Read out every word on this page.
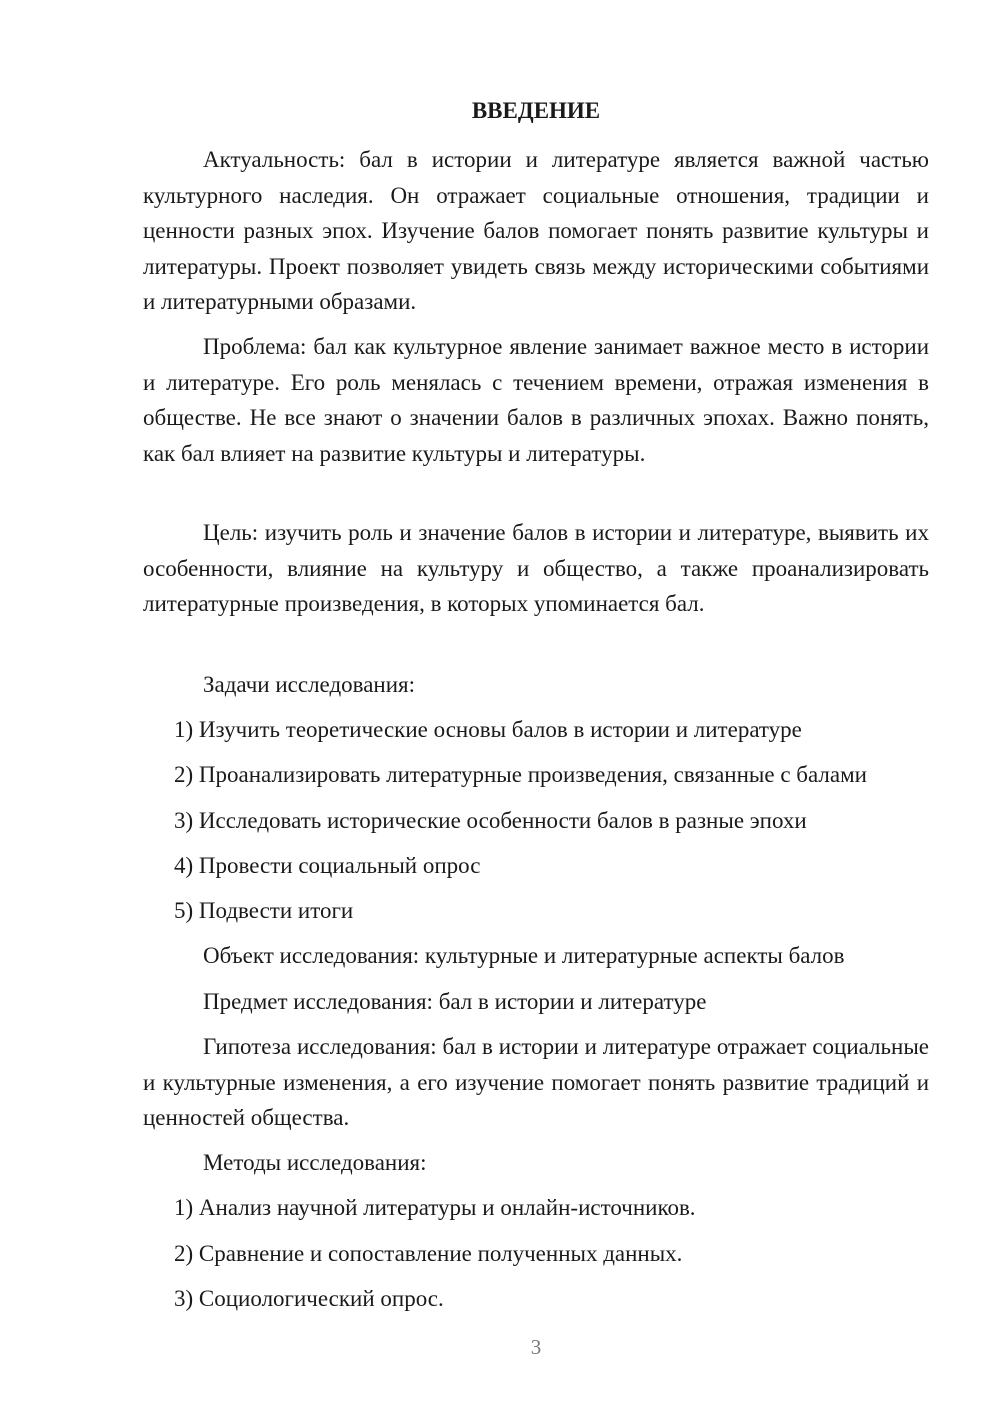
ВВЕДЕНИЕ
Актуальность: бал в истории и литературе является важной частью культурного наследия. Он отражает социальные отношения, традиции и ценности разных эпох. Изучение балов помогает понять развитие культуры и литературы. Проект позволяет увидеть связь между историческими событиями и литературными образами.
Проблема: бал как культурное явление занимает важное место в истории и литературе. Его роль менялась с течением времени, отражая изменения в обществе. Не все знают о значении балов в различных эпохах. Важно понять, как бал влияет на развитие культуры и литературы.
Цель: изучить роль и значение балов в истории и литературе, выявить их особенности, влияние на культуру и общество, а также проанализировать литературные произведения, в которых упоминается бал.
Задачи исследования:
1) Изучить теоретические основы балов в истории и литературе
2) Проанализировать литературные произведения, связанные с балами
3) Исследовать исторические особенности балов в разные эпохи
4) Провести социальный опрос
5) Подвести итоги
Объект исследования: культурные и литературные аспекты балов
Предмет исследования: бал в истории и литературе
Гипотеза исследования: бал в истории и литературе отражает социальные и культурные изменения, а его изучение помогает понять развитие традиций и ценностей общества.
Методы исследования:
1) Анализ научной литературы и онлайн-источников.
2) Сравнение и сопоставление полученных данных.
3) Социологический опрос.
3
